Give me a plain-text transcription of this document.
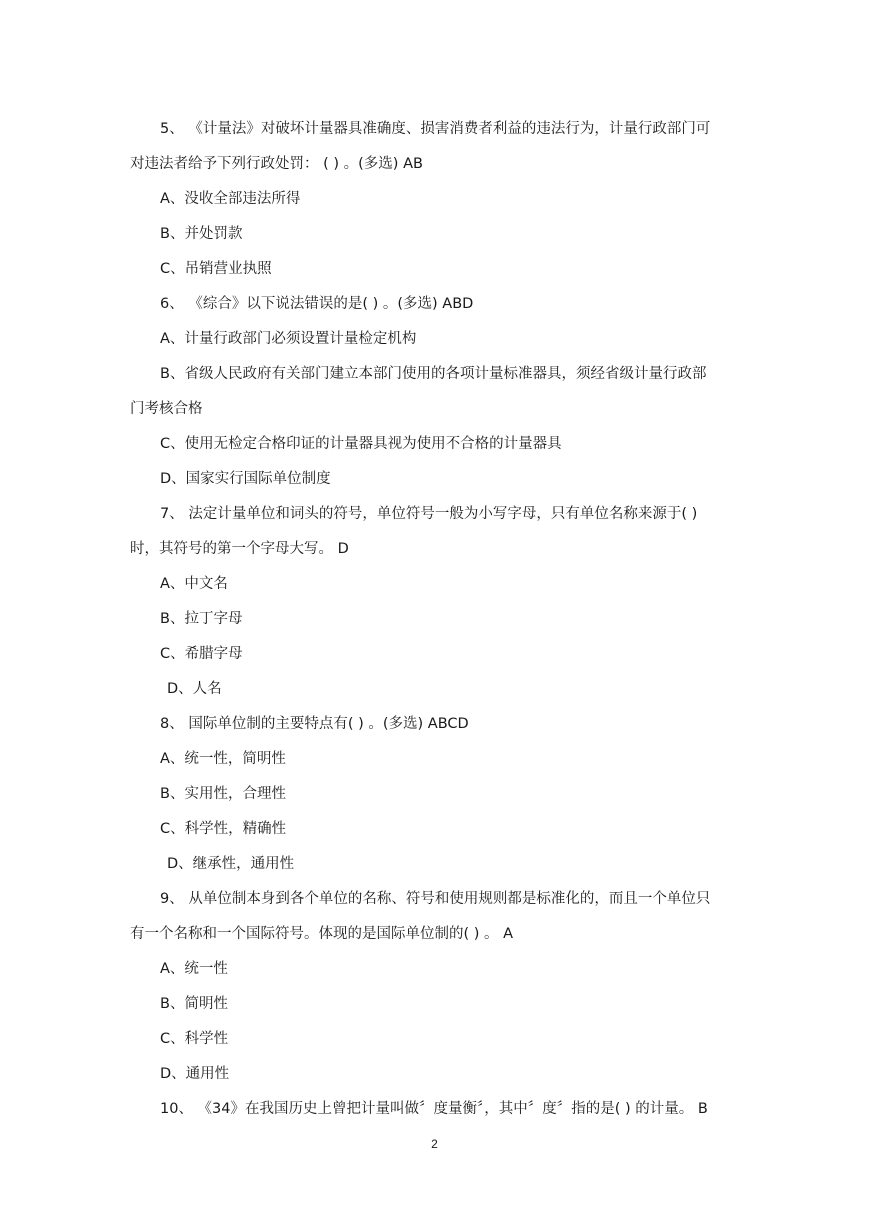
5、 《计量法》对破坏计量器具准确度、损害消费者利益的违法行为，计量行政部门可
对违法者给予下列行政处罚： ( ) 。(多选) AB
A、没收全部违法所得
B、并处罚款
C、吊销营业执照
6、 《综合》以下说法错误的是( ) 。(多选) ABD
A、计量行政部门必须设置计量检定机构
B、省级人民政府有关部门建立本部门使用的各项计量标准器具，须经省级计量行政部
门考核合格
C、使用无检定合格印证的计量器具视为使用不合格的计量器具
D、国家实行国际单位制度
7、 法定计量单位和词头的符号，单位符号一般为小写字母，只有单位名称来源于( )
时，其符号的第一个字母大写。 D
A、中文名
B、拉丁字母
C、希腊字母
D、人名
8、 国际单位制的主要特点有( ) 。(多选) ABCD
A、统一性，简明性
B、实用性，合理性
C、科学性，精确性
D、继承性，通用性
9、 从单位制本身到各个单位的名称、符号和使用规则都是标准化的，而且一个单位只
有一个名称和一个国际符号。体现的是国际单位制的( ) 。 A
A、统一性
B、简明性
C、科学性
D、通用性
10、 《34》在我国历史上曾把计量叫做〞度量衡〞，其中〞度〞指的是( ) 的计量。 B
2
